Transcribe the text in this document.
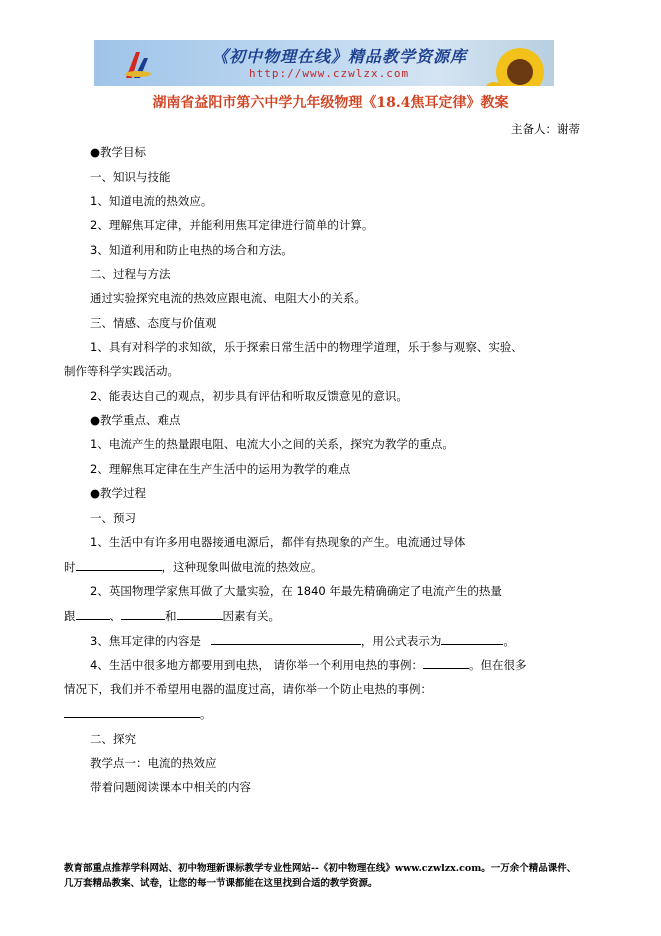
《初中物理在线》精品教学资源库
http://www.czwlzx.com
湖南省益阳市第六中学九年级物理《18.4焦耳定律》教案
主备人：谢蒂
●教学目标
一、知识与技能
1、知道电流的热效应。
2、理解焦耳定律，并能利用焦耳定律进行简单的计算。
3、知道利用和防止电热的场合和方法。
二、过程与方法
通过实验探究电流的热效应跟电流、电阻大小的关系。
三、情感、态度与价值观
1、具有对科学的求知欲，乐于探索日常生活中的物理学道理，乐于参与观察、实验、
制作等科学实践活动。
2、能表达自己的观点，初步具有评估和听取反馈意见的意识。
●教学重点、难点
1、电流产生的热量跟电阻、电流大小之间的关系，探究为教学的重点。
2、理解焦耳定律在生产生活中的运用为教学的难点
●教学过程
一、预习
1、生活中有许多用电器接通电源后，都伴有热现象的产生。电流通过导体
时	，这种现象叫做电流的热效应。
2、英国物理学家焦耳做了大量实验，在 1840 年最先精确确定了电流产生的热量
跟	、	和	因素有关。
3、焦耳定律的内容是	，用公式表示为	。
4、生活中很多地方都要用到电热， 请你举一个利用电热的事例：	。但在很多
情况下，我们并不希望用电器的温度过高，请你举一个防止电热的事例：
。
二、探究
教学点一：电流的热效应
带着问题阅读课本中相关的内容
教育部重点推荐学科网站、初中物理新课标教学专业性网站--《初中物理在线》www.czwlzx.com。一万余个精品课件、
几万套精品教案、试卷，让您的每一节课都能在这里找到合适的教学资源。
